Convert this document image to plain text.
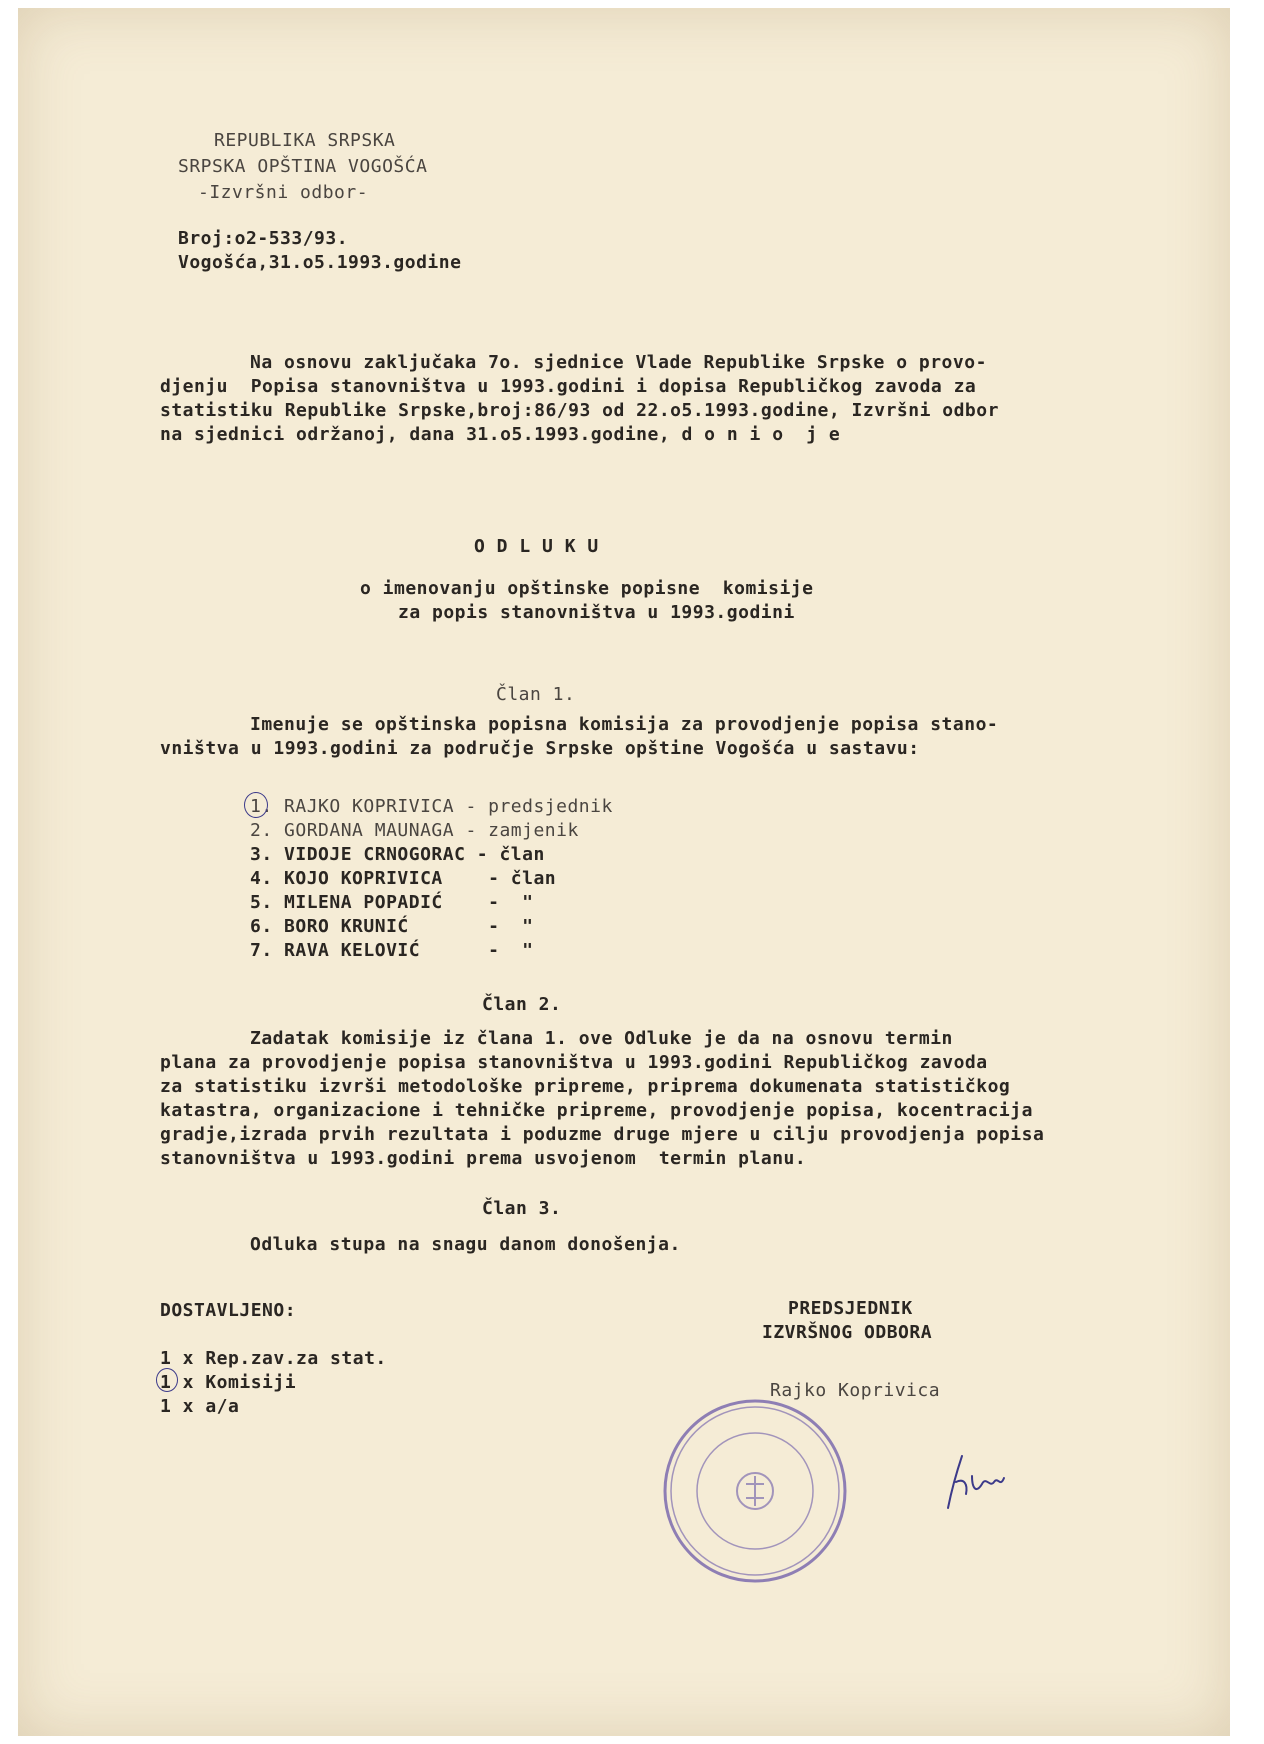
REPUBLIKA SRPSKA
SRPSKA OPŠTINA VOGOŠĆA
-Izvršni odbor-
Broj:o2-533/93.
Vogošća,31.o5.1993.godine
Na osnovu zaključaka 7o. sjednice Vlade Republike Srpske o provo-
djenju  Popisa stanovništva u 1993.godini i dopisa Republičkog zavoda za
statistiku Republike Srpske,broj:86/93 od 22.o5.1993.godine, Izvršni odbor
na sjednici održanoj, dana 31.o5.1993.godine, d o n i o  j e
O D L U K U
o imenovanju opštinske popisne  komisije
za popis stanovništva u 1993.godini
Član 1.
Imenuje se opštinska popisna komisija za provodjenje popisa stano-
vništva u 1993.godini za područje Srpske opštine Vogošća u sastavu:
1. RAJKO KOPRIVICA - predsjednik
2. GORDANA MAUNAGA - zamjenik
3. VIDOJE CRNOGORAC - član
4. KOJO KOPRIVICA	- član
5. MILENA POPADIĆ	-  "
6. BORO KRUNIĆ	-  "
7. RAVA KELOVIĆ	-  "
Član 2.
Zadatak komisije iz člana 1. ove Odluke je da na osnovu termin
plana za provodjenje popisa stanovništva u 1993.godini Republičkog zavoda
za statistiku izvrši metodološke pripreme, priprema dokumenata statističkog
katastra, organizacione i tehničke pripreme, provodjenje popisa, kocentracija
gradje,izrada prvih rezultata i poduzme druge mjere u cilju provodjenja popisa
stanovništva u 1993.godini prema usvojenom  termin planu.
Član 3.
Odluka stupa na snagu danom donošenja.
DOSTAVLJENO:
1 x Rep.zav.za stat.
1 x Komisiji
1 x a/a
PREDSJEDNIK
IZVRŠNOG ODBORA
Rajko Koprivica
